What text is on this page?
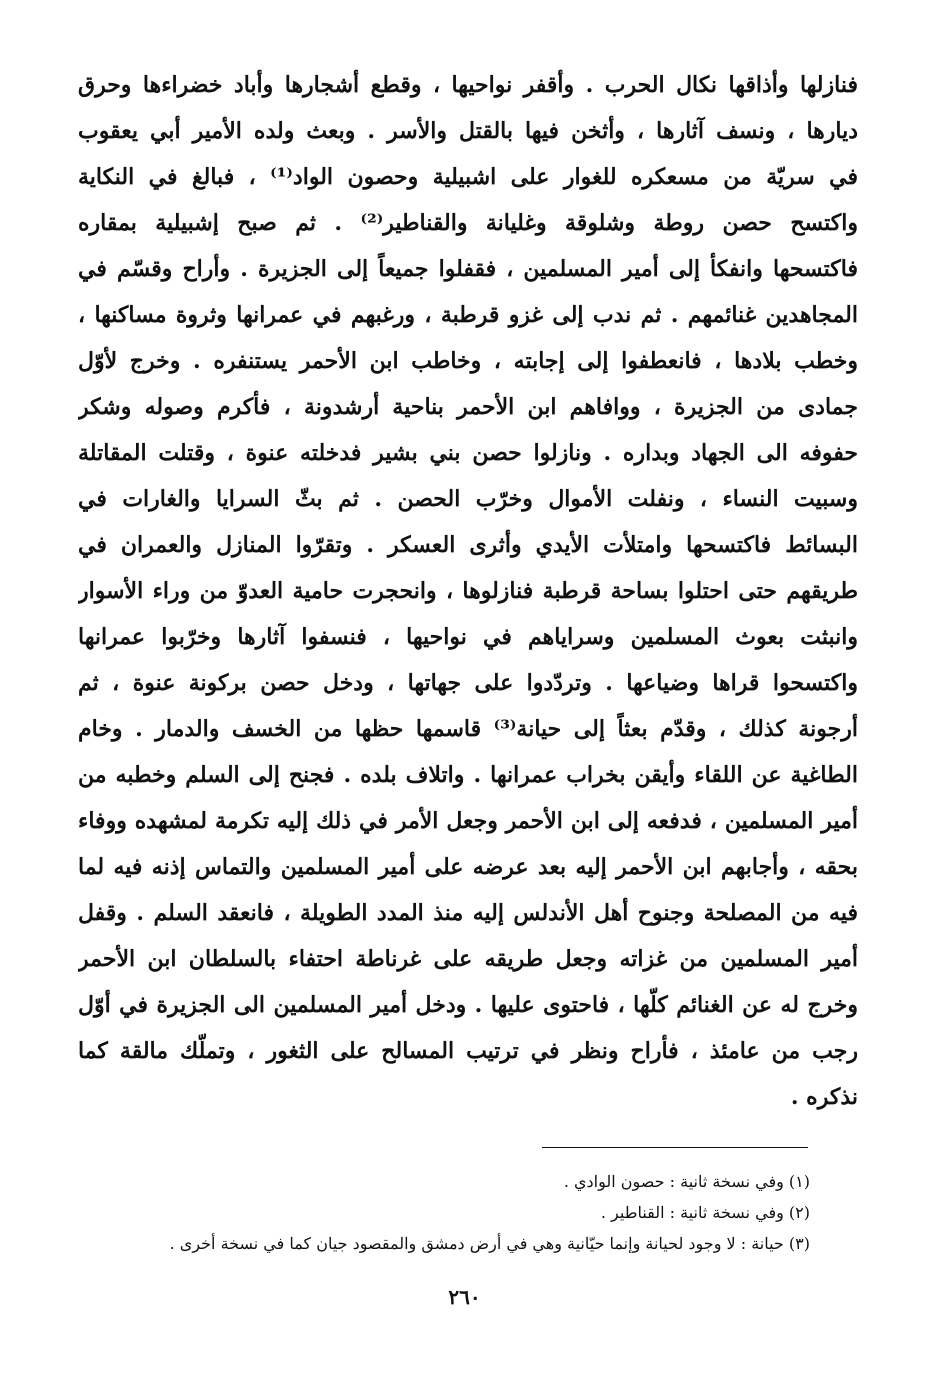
فنازلها وأذاقها نكال الحرب . وأقفر نواحيها ، وقطع أشجارها وأباد خضراءها وحرق
ديارها ، ونسف آثارها ، وأثخن فيها بالقتل والأسر . وبعث ولده الأمير أبي يعقوب
في سريّة من مسعكره للغوار على اشبيلية وحصون الواد⁽¹⁾ ، فبالغ في النكاية
واكتسح حصن روطة وشلوقة وغليانة والقناطير⁽²⁾ . ثم صبح إشبيلية بمقاره
فاكتسحها وانفكأ إلى أمير المسلمين ، فقفلوا جميعاً إلى الجزيرة . وأراح وقسّم في
المجاهدين غنائمهم . ثم ندب إلى غزو قرطبة ، ورغبهم في عمرانها وثروة مساكنها ،
وخطب بلادها ، فانعطفوا إلى إجابته ، وخاطب ابن الأحمر يستنفره . وخرج لأوّل
جمادى من الجزيرة ، ووافاهم ابن الأحمر بناحية أرشدونة ، فأكرم وصوله وشكر
حفوفه الى الجهاد وبداره . ونازلوا حصن بني بشير فدخلته عنوة ، وقتلت المقاتلة
وسبيت النساء ، ونفلت الأموال وخرّب الحصن . ثم بثّ السرايا والغارات في
البسائط فاكتسحها وامتلأت الأيدي وأثرى العسكر . وتقرّوا المنازل والعمران في
طريقهم حتى احتلوا بساحة قرطبة فنازلوها ، وانحجرت حامية العدوّ من وراء الأسوار
وانبثت بعوث المسلمين وسراياهم في نواحيها ، فنسفوا آثارها وخرّبوا عمرانها
واكتسحوا قراها وضياعها . وتردّدوا على جهاتها ، ودخل حصن بركونة عنوة ، ثم
أرجونة كذلك ، وقدّم بعثاً إلى حيانة⁽³⁾ قاسمها حظها من الخسف والدمار . وخام
الطاغية عن اللقاء وأيقن بخراب عمرانها . واتلاف بلده . فجنح إلى السلم وخطبه من
أمير المسلمين ، فدفعه إلى ابن الأحمر وجعل الأمر في ذلك إليه تكرمة لمشهده ووفاء
بحقه ، وأجابهم ابن الأحمر إليه بعد عرضه على أمير المسلمين والتماس إذنه فيه لما
فيه من المصلحة وجنوح أهل الأندلس إليه منذ المدد الطويلة ، فانعقد السلم . وقفل
أمير المسلمين من غزاته وجعل طريقه على غرناطة احتفاء بالسلطان ابن الأحمر
وخرج له عن الغنائم كلّها ، فاحتوى عليها . ودخل أمير المسلمين الى الجزيرة في أوّل
رجب من عامئذ ، فأراح ونظر في ترتيب المسالح على الثغور ، وتملّك مالقة كما
نذكره .
(١) وفي نسخة ثانية : حصون الوادي .
(٢) وفي نسخة ثانية : القناطير .
(٣) حيانة : لا وجود لحيانة وإنما حيّانية وهي في أرض دمشق والمقصود جيان كما في نسخة أخرى .
٢٦٠
